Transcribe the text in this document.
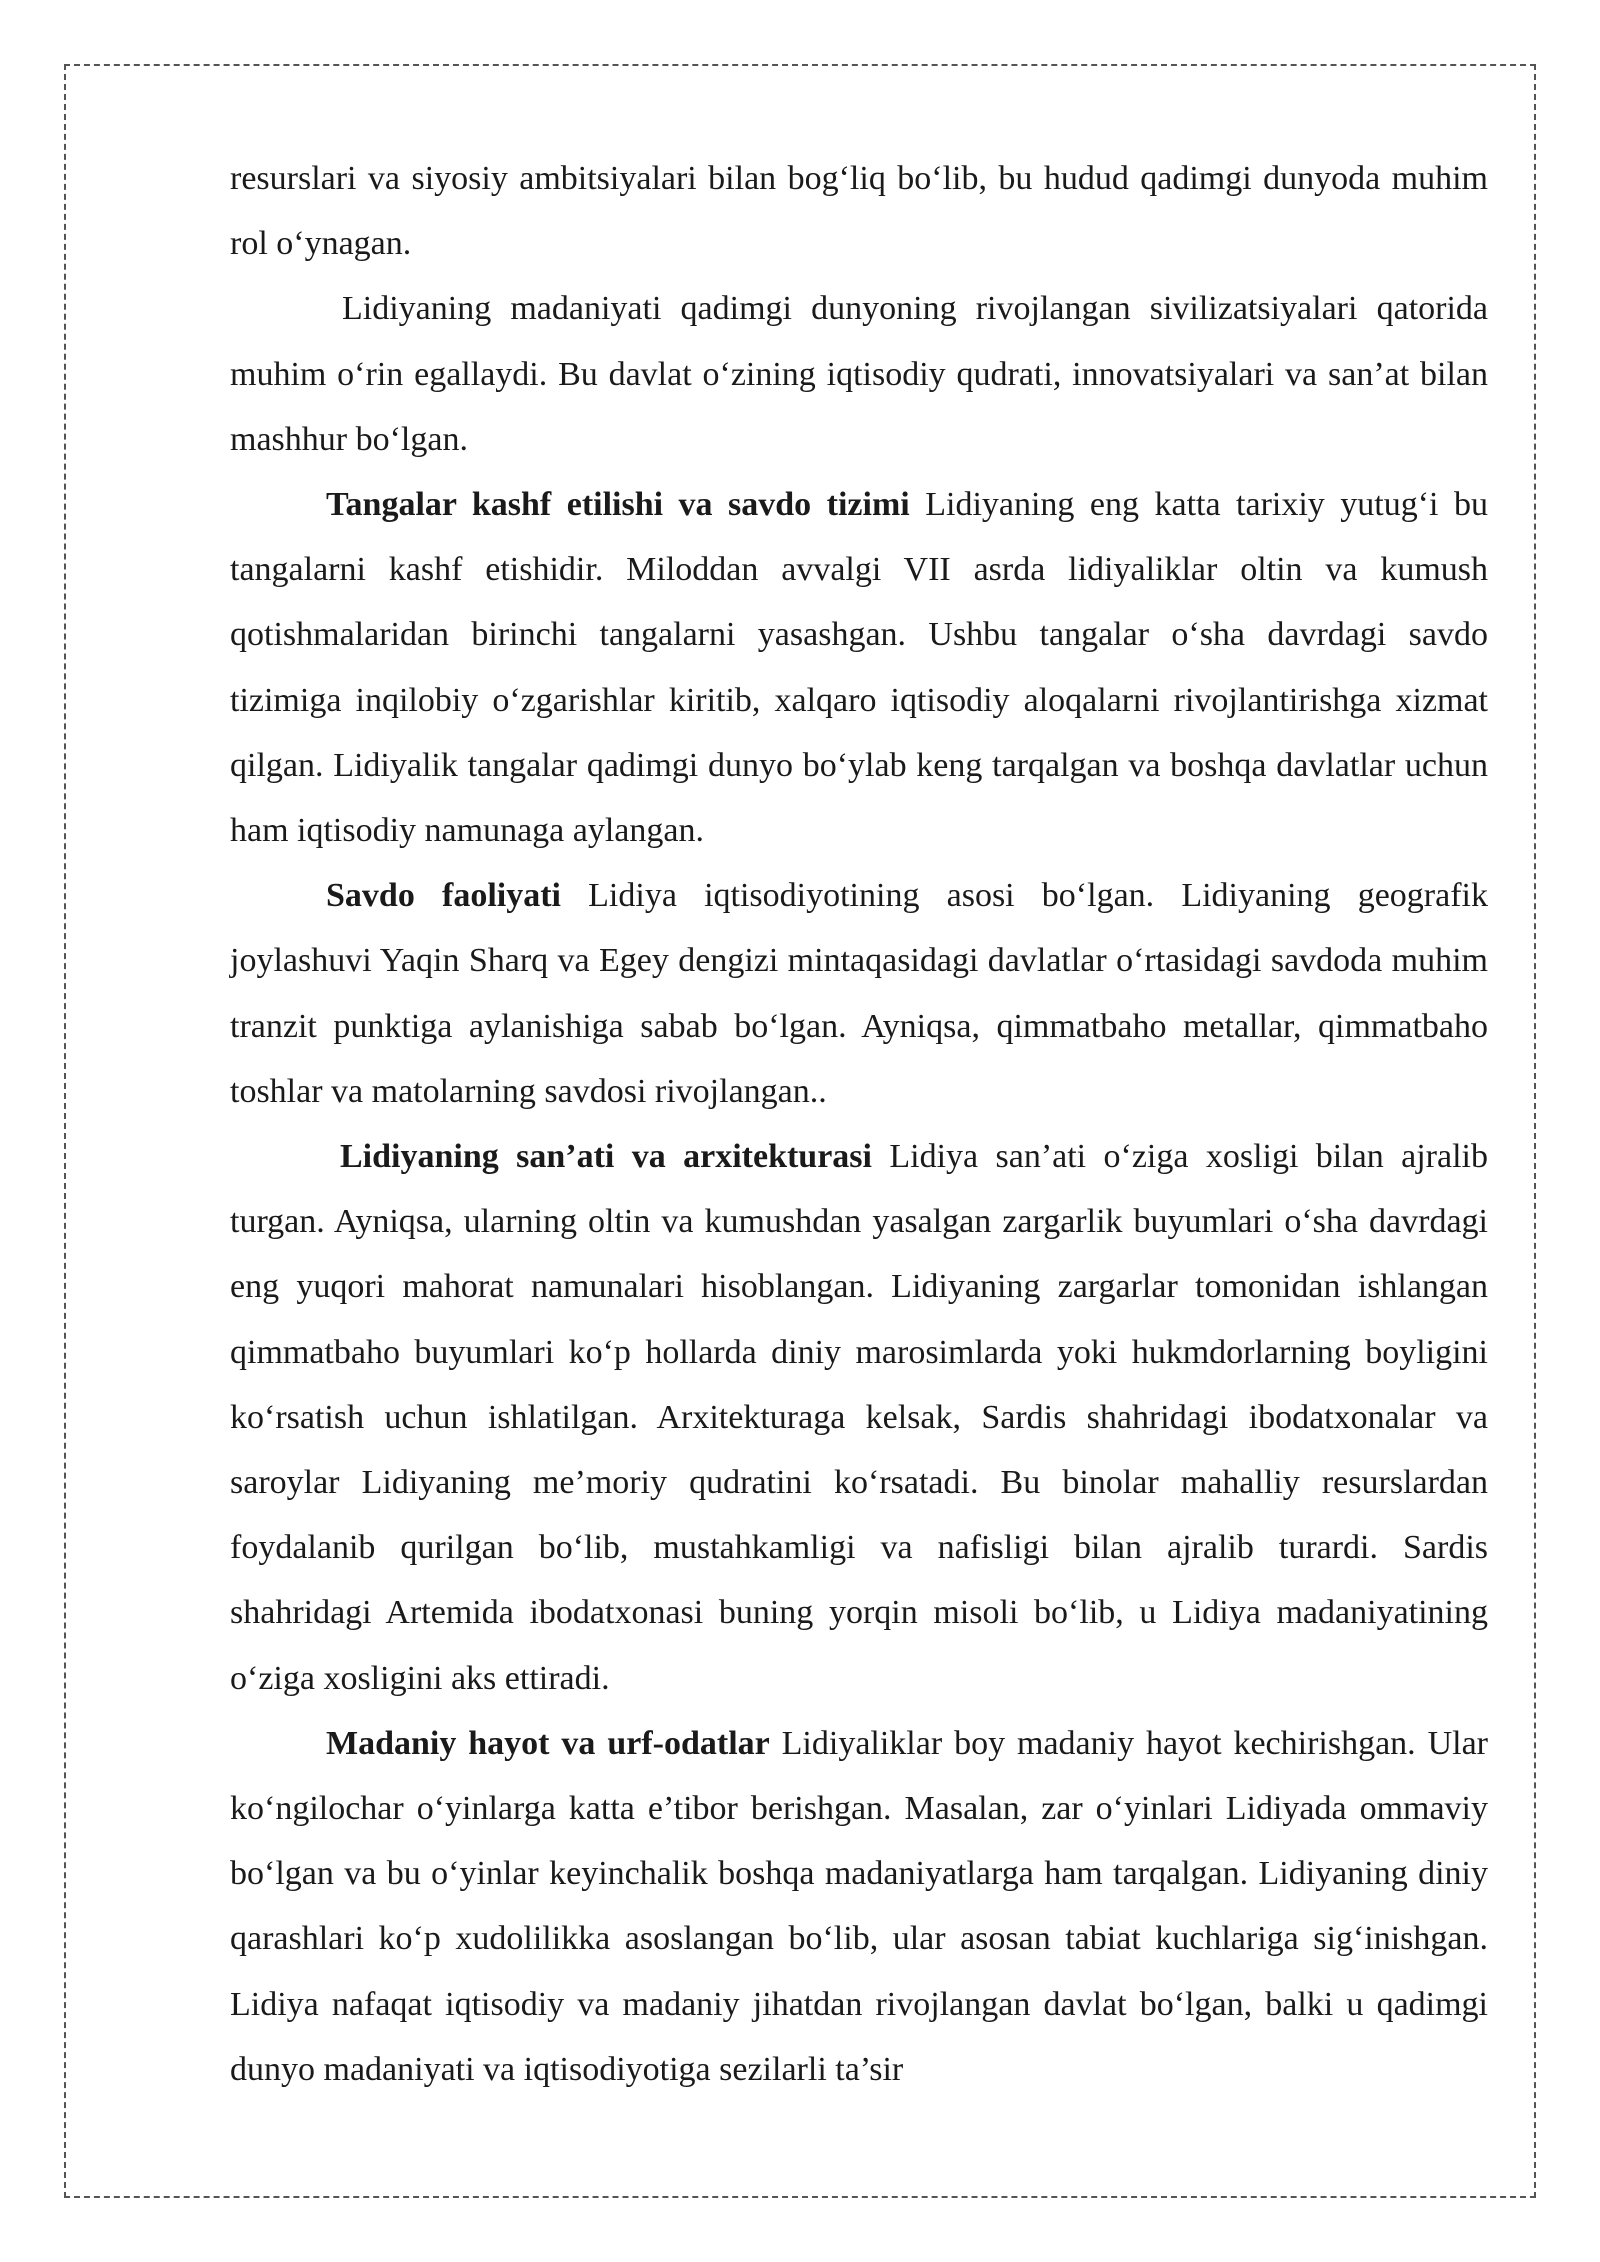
resurslari va siyosiy ambitsiyalari bilan bog‘liq bo‘lib, bu hudud qadimgi dunyoda muhim rol o‘ynagan.

Lidiyaning madaniyati qadimgi dunyoning rivojlangan sivilizatsiyalari qatorida muhim o‘rin egallaydi. Bu davlat o‘zining iqtisodiy qudrati, innovatsiyalari va san’at bilan mashhur bo‘lgan.

Tangalar kashf etilishi va savdo tizimi Lidiyaning eng katta tarixiy yutug‘i bu tangalarni kashf etishidir. Miloddan avvalgi VII asrda lidiyaliklar oltin va kumush qotishmalaridan birinchi tangalarni yasashgan. Ushbu tangalar o‘sha davrdagi savdo tizimiga inqilobiy o‘zgarishlar kiritib, xalqaro iqtisodiy aloqalarni rivojlantirishga xizmat qilgan. Lidiyalik tangalar qadimgi dunyo bo‘ylab keng tarqalgan va boshqa davlatlar uchun ham iqtisodiy namunaga aylangan.

Savdo faoliyati Lidiya iqtisodiyotining asosi bo‘lgan. Lidiyaning geografik joylashuvi Yaqin Sharq va Egey dengizi mintaqasidagi davlatlar o‘rtasidagi savdoda muhim tranzit punktiga aylanishiga sabab bo‘lgan. Ayniqsa, qimmatbaho metallar, qimmatbaho toshlar va matolarning savdosi rivojlangan..

Lidiyaning san’ati va arxitekturasi Lidiya san’ati o‘ziga xosligi bilan ajralib turgan. Ayniqsa, ularning oltin va kumushdan yasalgan zargarlik buyumlari o‘sha davrdagi eng yuqori mahorat namunalari hisoblangan. Lidiyaning zargarlar tomonidan ishlangan qimmatbaho buyumlari ko‘p hollarda diniy marosimlarda yoki hukmdorlarning boyligini ko‘rsatish uchun ishlatilgan. Arxitekturaga kelsak, Sardis shahridagi ibodatxonalar va saroylar Lidiyaning me’moriy qudratini ko‘rsatadi. Bu binolar mahalliy resurslardan foydalanib qurilgan bo‘lib, mustahkamligi va nafisligi bilan ajralib turardi. Sardis shahridagi Artemida ibodatxonasi buning yorqin misoli bo‘lib, u Lidiya madaniyatining o‘ziga xosligini aks ettiradi.

Madaniy hayot va urf-odatlar Lidiyaliklar boy madaniy hayot kechirishgan. Ular ko‘ngilochar o‘yinlarga katta e’tibor berishgan. Masalan, zar o‘yinlari Lidiyada ommaviy bo‘lgan va bu o‘yinlar keyinchalik boshqa madaniyatlarga ham tarqalgan. Lidiyaning diniy qarashlari ko‘p xudolilikka asoslangan bo‘lib, ular asosan tabiat kuchlariga sig‘inishgan. Lidiya nafaqat iqtisodiy va madaniy jihatdan rivojlangan davlat bo‘lgan, balki u qadimgi dunyo madaniyati va iqtisodiyotiga sezilarli ta’sir
